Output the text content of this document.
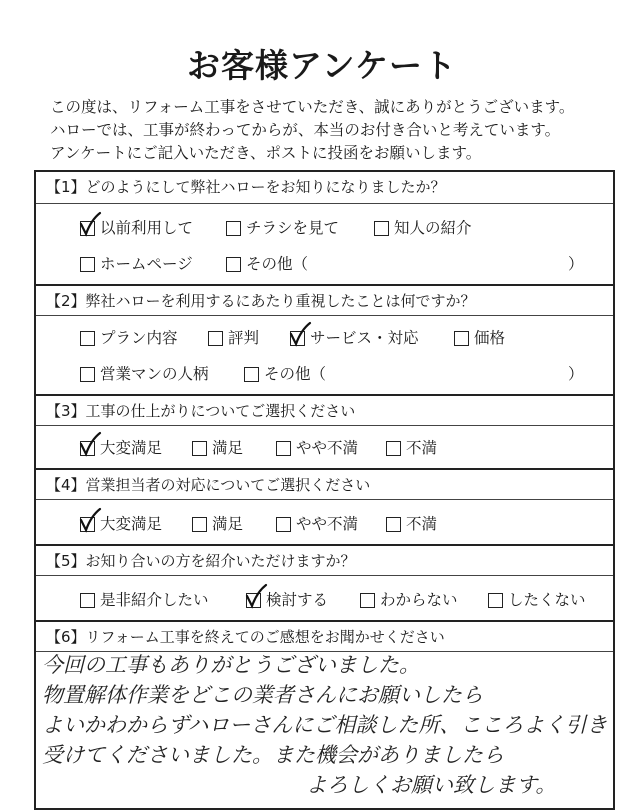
お客様アンケート
この度は、リフォーム工事をさせていただき、誠にありがとうございます。
ハローでは、工事が終わってからが、本当のお付き合いと考えています。
アンケートにご記入いただき、ポストに投函をお願いします。
【1】どのようにして弊社ハローをお知りになりましたか？
以前利用して	チラシを見て	知人の紹介
ホームページ	その他（	）
【2】弊社ハローを利用するにあたり重視したことは何ですか？
プラン内容	評判	サービス・対応	価格
営業マンの人柄	その他（	）
【3】工事の仕上がりについてご選択ください
大変満足	満足	やや不満	不満
【4】営業担当者の対応についてご選択ください
大変満足	満足	やや不満	不満
【5】お知り合いの方を紹介いただけますか？
是非紹介したい	検討する	わからない	したくない
【6】リフォーム工事を終えてのご感想をお聞かせください
今回の工事もありがとうございました。
物置解体作業をどこの業者さんにお願いしたら
よいかわからずハローさんにご相談した所、こころよく引き
受けてくださいました。また機会がありましたら
よろしくお願い致します。
